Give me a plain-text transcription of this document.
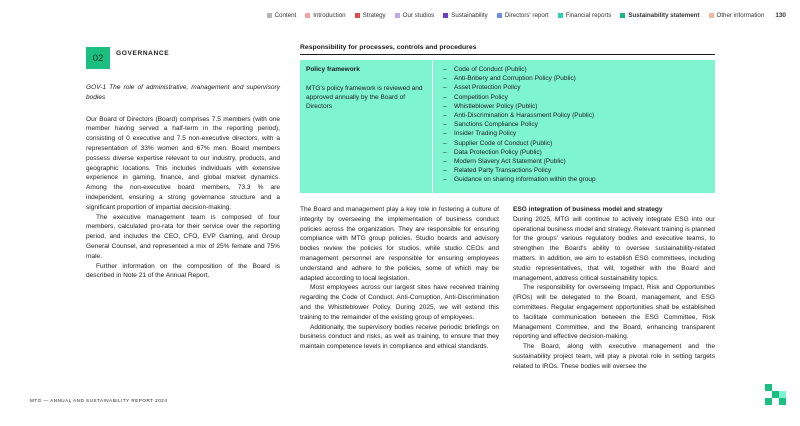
Content	Introduction	Strategy	Our studios	Sustainability	Directors' report	Financial reports	Sustainability statement	Other information 130
02	GOVERNANCE

GOV-1 The role of administrative, management and supervisory bodies

Our Board of Directors (Board) comprises 7.5 members (with one member having served a half-term in the reporting period), consisting of 0 executive and 7.5 non-executive directors, with a representation of 33% women and 67% men. Board members possess diverse expertise relevant to our industry, products, and geographic locations. This includes individuals with extensive experience in gaming, finance, and global market dynamics. Among the non-executive board members, 73.3 % are independent, ensuring a strong governance structure and a significant proportion of impartial decision-making.

The executive management team is composed of four members, calculated pro-rata for their service over the reporting period, and includes the CEO, CFO, EVP Gaming, and Group General Counsel, and represented a mix of 25% female and 75% male.

Further information on the composition of the Board is described in Note 21 of the Annual Report.

Responsibility for processes, controls and procedures
Policy framework
MTG's policy framework is reviewed and approved annually by the Board of Directors
–	Code of Conduct (Public)
–	Anti-Bribery and Corruption Policy (Public)
–	Asset Protection Policy
–	Competition Policy
–	Whistleblower Policy (Public)
–	Anti-Discrimination & Harassment Policy (Public)
–	Sanctions Compliance Policy
–	Insider Trading Policy
–	Supplier Code of Conduct (Public)
–	Data Protection Policy (Public)
–	Modern Slavery Act Statement (Public)
–	Related Party Transactions Policy
–	Guidance on sharing information within the group

The Board and management play a key role in fostering a culture of integrity by overseeing the implementation of business conduct policies across the organization. They are responsible for ensuring compliance with MTG group policies. Studio boards and advisory bodies review the policies for studios, while studio CEOs and management personnel are responsible for ensuring employees understand and adhere to the policies, some of which may be adapted according to local legislation.

Most employees across our largest sites have received training regarding the Code of Conduct, Anti-Corruption, Anti-Discrimination and the Whistleblower Policy. During 2025, we will extend this training to the remainder of the existing group of employees.

Additionally, the supervisory bodies receive periodic briefings on business conduct and risks, as well as training, to ensure that they maintain competence levels in compliance and ethical standards.

ESG integration of business model and strategy

During 2025, MTG will continue to actively integrate ESG into our operational business model and strategy. Relevant training is planned for the groups' various regulatory bodies and executive teams, to strengthen the Board's ability to oversee sustainability-related matters. In addition, we aim to establish ESG committees, including studio representatives, that will, together with the Board and management, address critical sustainability topics.

The responsibility for overseeing Impact, Risk and Opportunities (IROs) will be delegated to the Board, management, and ESG committees. Regular engagement opportunities shall be established to facilitate communication between the ESG Committee, Risk Management Committee, and the Board, enhancing transparent reporting and effective decision-making.

The Board, along with executive management and the sustainability project team, will play a pivotal role in setting targets related to IROs. These bodies will oversee the

MTG — ANNUAL AND SUSTAINABILITY REPORT 2024
